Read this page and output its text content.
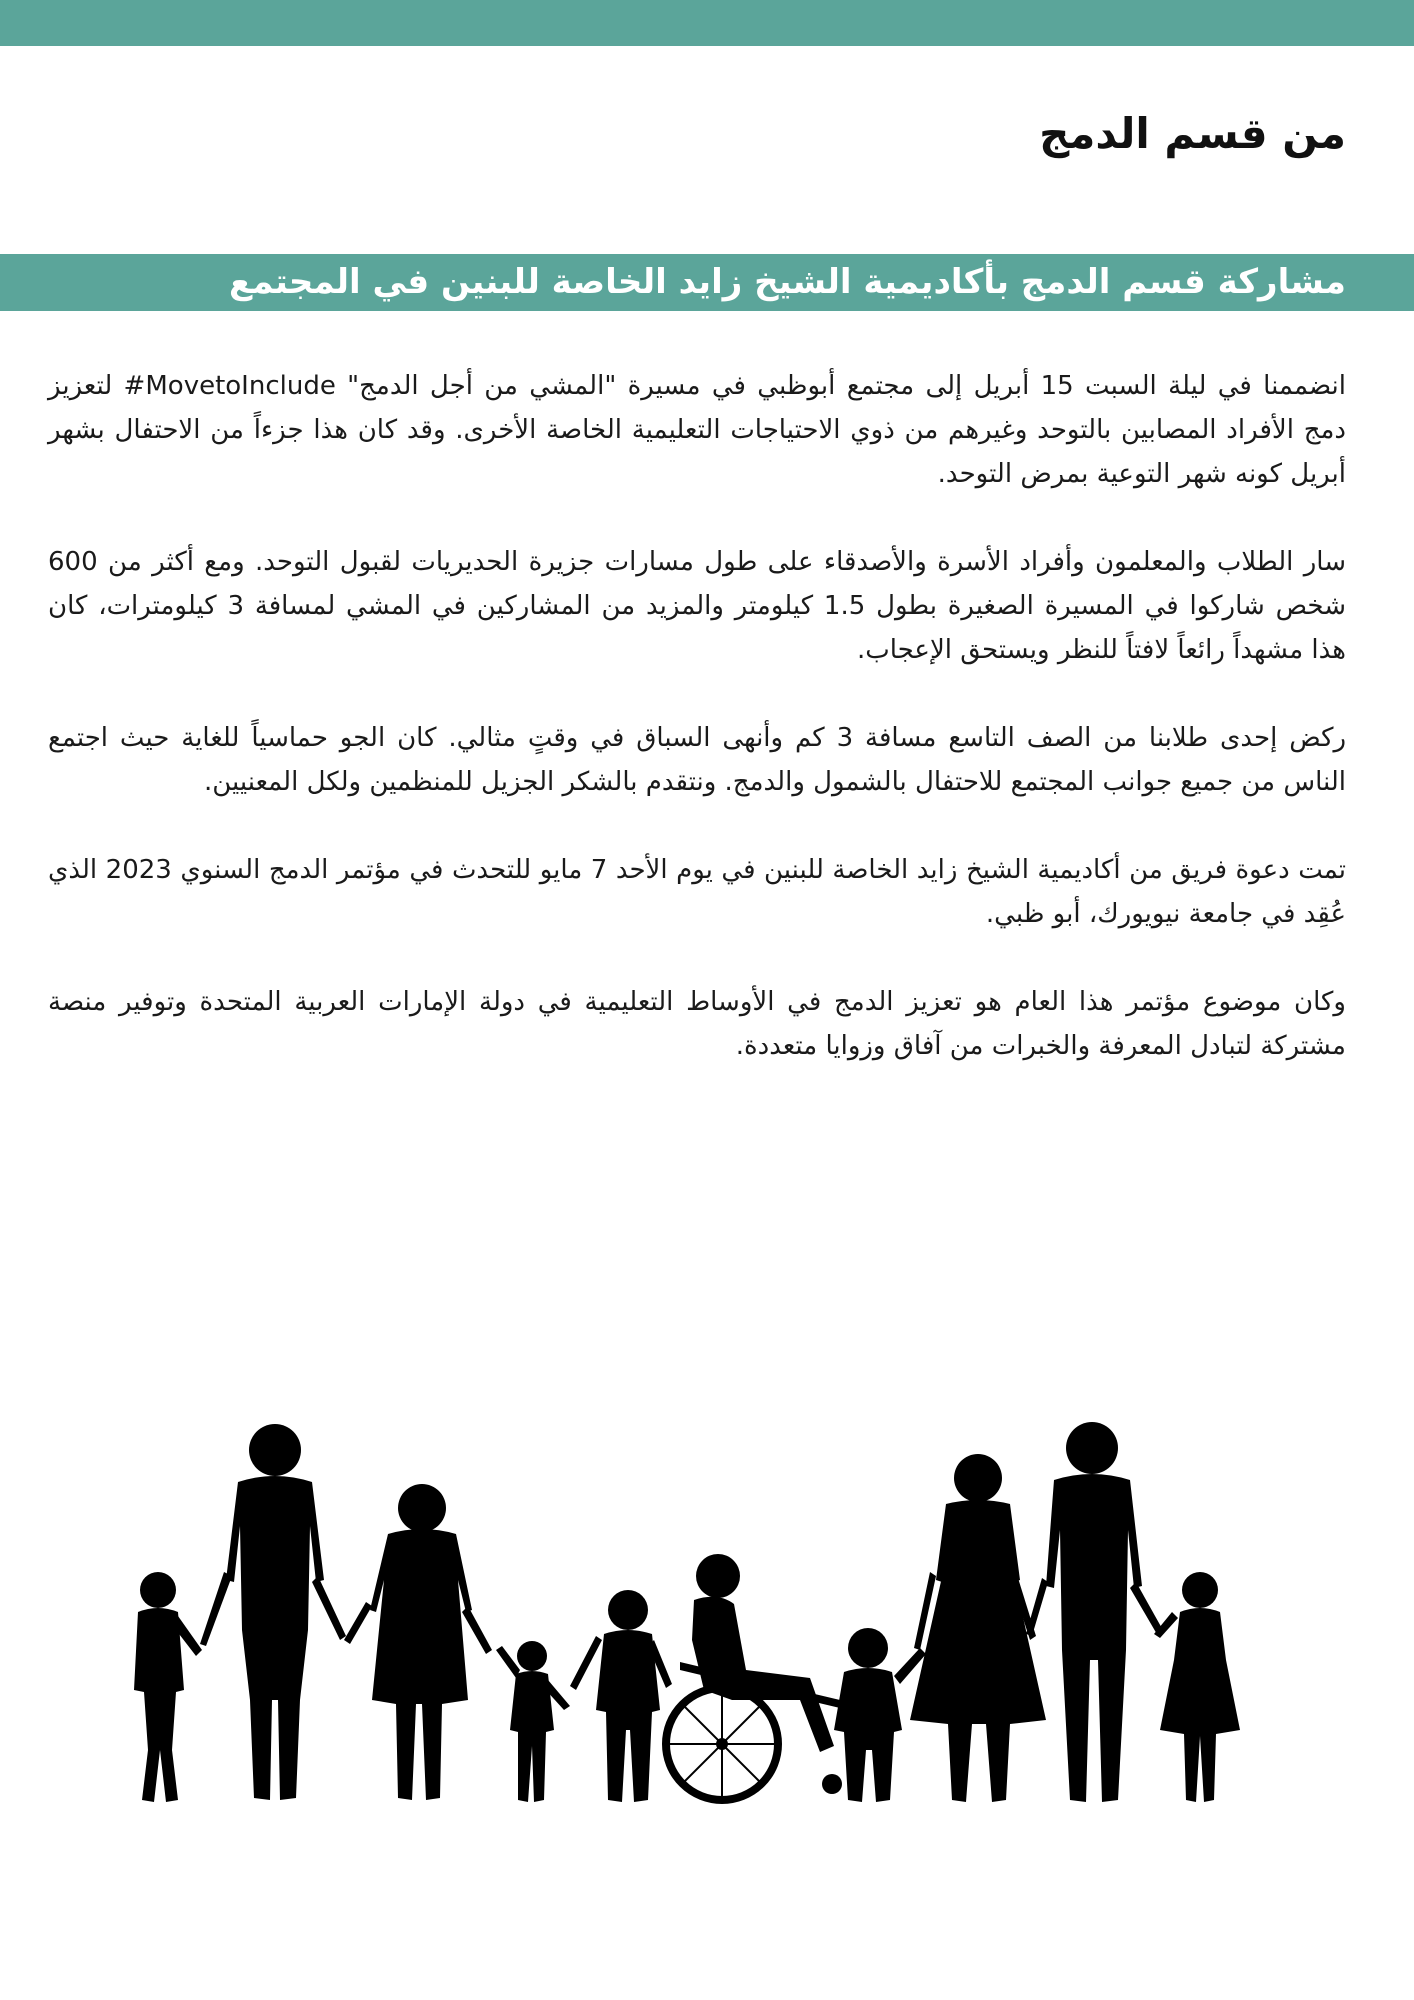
من قسم الدمج
مشاركة قسم الدمج بأكاديمية الشيخ زايد الخاصة للبنين في المجتمع

انضممنا في ليلة السبت 15 أبريل إلى مجتمع أبوظبي في مسيرة "المشي من أجل الدمج" MovetoInclude# لتعزيز دمج الأفراد المصابين بالتوحد وغيرهم من ذوي الاحتياجات التعليمية الخاصة الأخرى. وقد كان هذا جزءاً من الاحتفال بشهر أبريل كونه شهر التوعية بمرض التوحد.

سار الطلاب والمعلمون وأفراد الأسرة والأصدقاء على طول مسارات جزيرة الحديريات لقبول التوحد. ومع أكثر من 600 شخص شاركوا في المسيرة الصغيرة بطول 1.5 كيلومتر والمزيد من المشاركين في المشي لمسافة 3 كيلومترات، كان هذا مشهداً رائعاً لافتاً للنظر ويستحق الإعجاب.

ركض إحدى طلابنا من الصف التاسع مسافة 3 كم وأنهى السباق في وقتٍ مثالي. كان الجو حماسياً للغاية حيث اجتمع الناس من جميع جوانب المجتمع للاحتفال بالشمول والدمج. ونتقدم بالشكر الجزيل للمنظمين ولكل المعنيين.

تمت دعوة فريق من أكاديمية الشيخ زايد الخاصة للبنين في يوم الأحد 7 مايو للتحدث في مؤتمر الدمج السنوي 2023 الذي عُقِد في جامعة نيويورك، أبو ظبي.

وكان موضوع مؤتمر هذا العام هو تعزيز الدمج في الأوساط التعليمية في دولة الإمارات العربية المتحدة وتوفير منصة مشتركة لتبادل المعرفة والخبرات من آفاق وزوايا متعددة.
